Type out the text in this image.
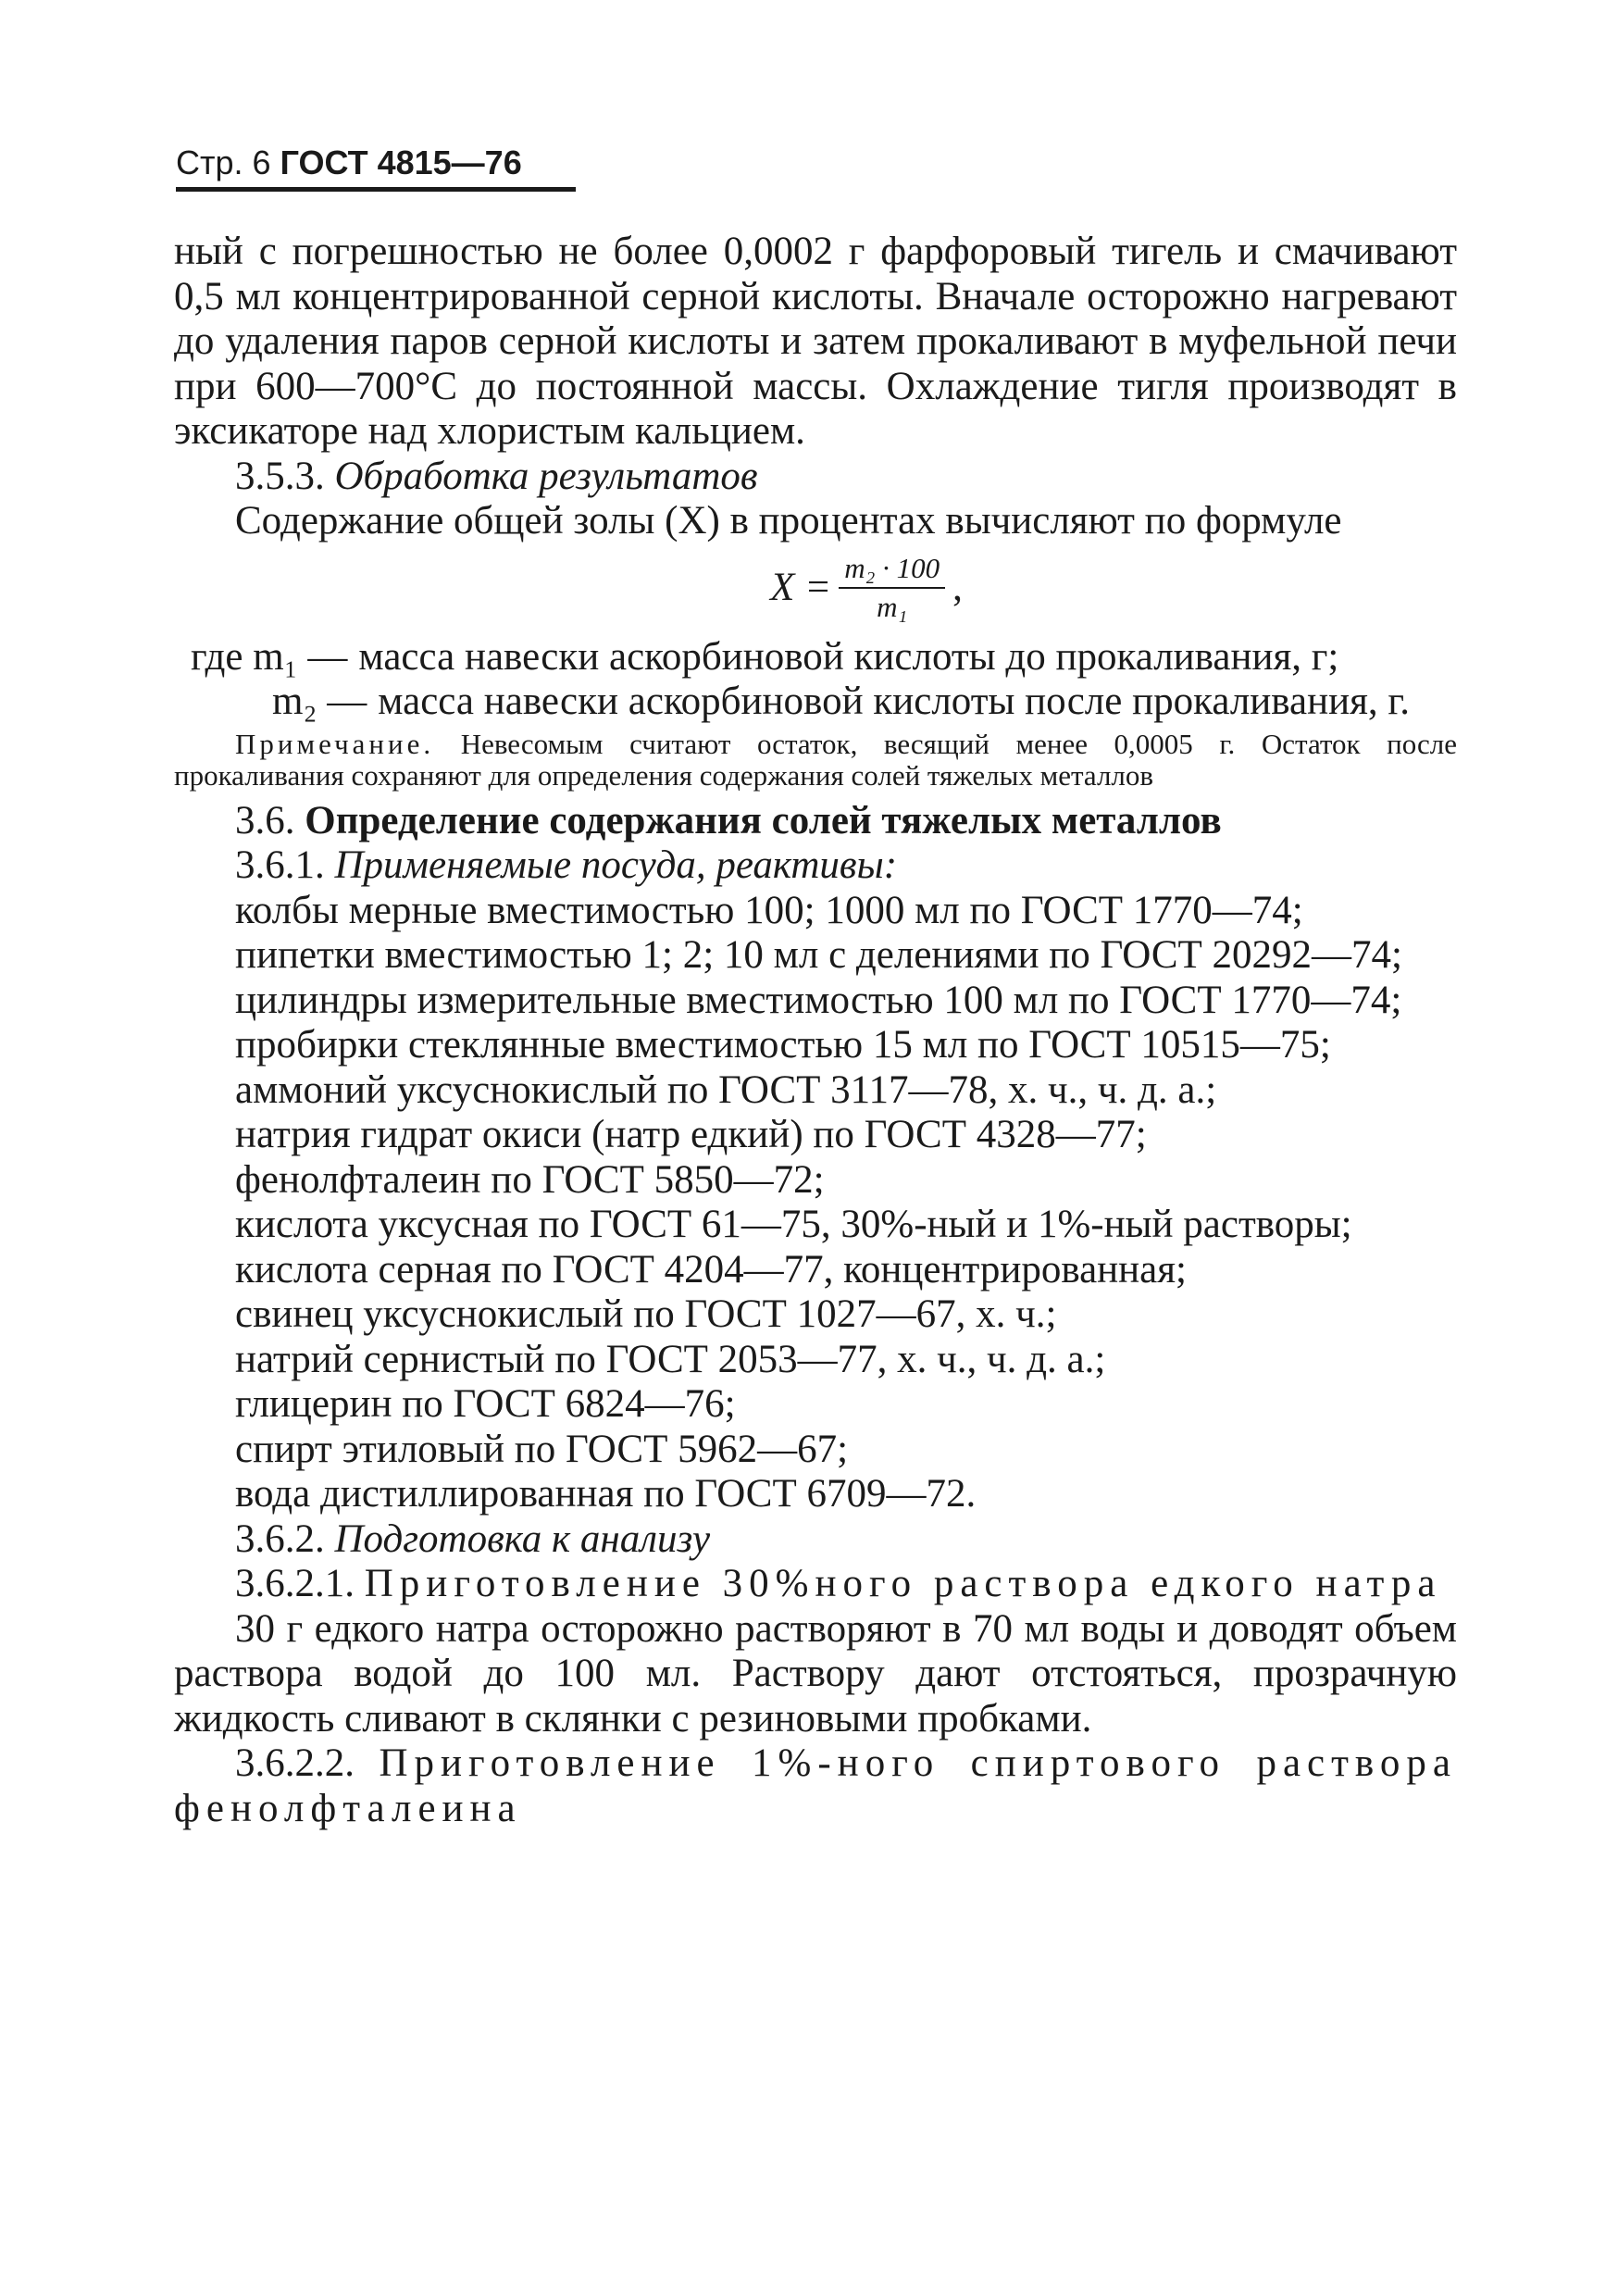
Стр. 6 ГОСТ 4815—76

ный с погрешностью не более 0,0002 г фарфоровый тигель и смачивают 0,5 мл концентрированной серной кислоты. Вначале осторожно нагревают до удаления паров серной кислоты и затем прокаливают в муфельной печи при 600—700°С до постоянной массы. Охлаждение тигля производят в эксикаторе над хлористым кальцием.

3.5.3. Обработка результатов

Содержание общей золы (X) в процентах вычисляют по формуле

$X = \frac{\text{m₂ · 100}}{\text{m₁}}$ ,
где m₁ — масса навески аскорбиновой кислоты до прокаливания, г;
m₂ — масса навески аскорбиновой кислоты после прокаливания, г.

Примечание. Невесомым считают остаток, весящий менее 0,0005 г. Остаток после прокаливания сохраняют для определения содержания солей тяжелых металлов

3.6. Определение содержания солей тяжелых металлов

3.6.1. Применяемые посуда, реактивы:

колбы мерные вместимостью 100; 1000 мл по ГОСТ 1770—74;

пипетки вместимостью 1; 2; 10 мл с делениями по ГОСТ 20292—74;

цилиндры измерительные вместимостью 100 мл по ГОСТ 1770—74;

пробирки стеклянные вместимостью 15 мл по ГОСТ 10515—75;

аммоний уксуснокислый по ГОСТ 3117—78, х. ч., ч. д. а.;

натрия гидрат окиси (натр едкий) по ГОСТ 4328—77;

фенолфталеин по ГОСТ 5850—72;

кислота уксусная по ГОСТ 61—75, 30%-ный и 1%-ный растворы;

кислота серная по ГОСТ 4204—77, концентрированная;

свинец уксуснокислый по ГОСТ 1027—67, х. ч.;

натрий сернистый по ГОСТ 2053—77, х. ч., ч. д. а.;

глицерин по ГОСТ 6824—76;

спирт этиловый по ГОСТ 5962—67;

вода дистиллированная по ГОСТ 6709—72.

3.6.2. Подготовка к анализу

3.6.2.1. Приготовление 30%ного раствора едкого натра

30 г едкого натра осторожно растворяют в 70 мл воды и доводят объем раствора водой до 100 мл. Раствору дают отстояться, прозрачную жидкость сливают в склянки с резиновыми пробками.

3.6.2.2. Приготовление 1%-ного спиртового раствора фенолфталеина
